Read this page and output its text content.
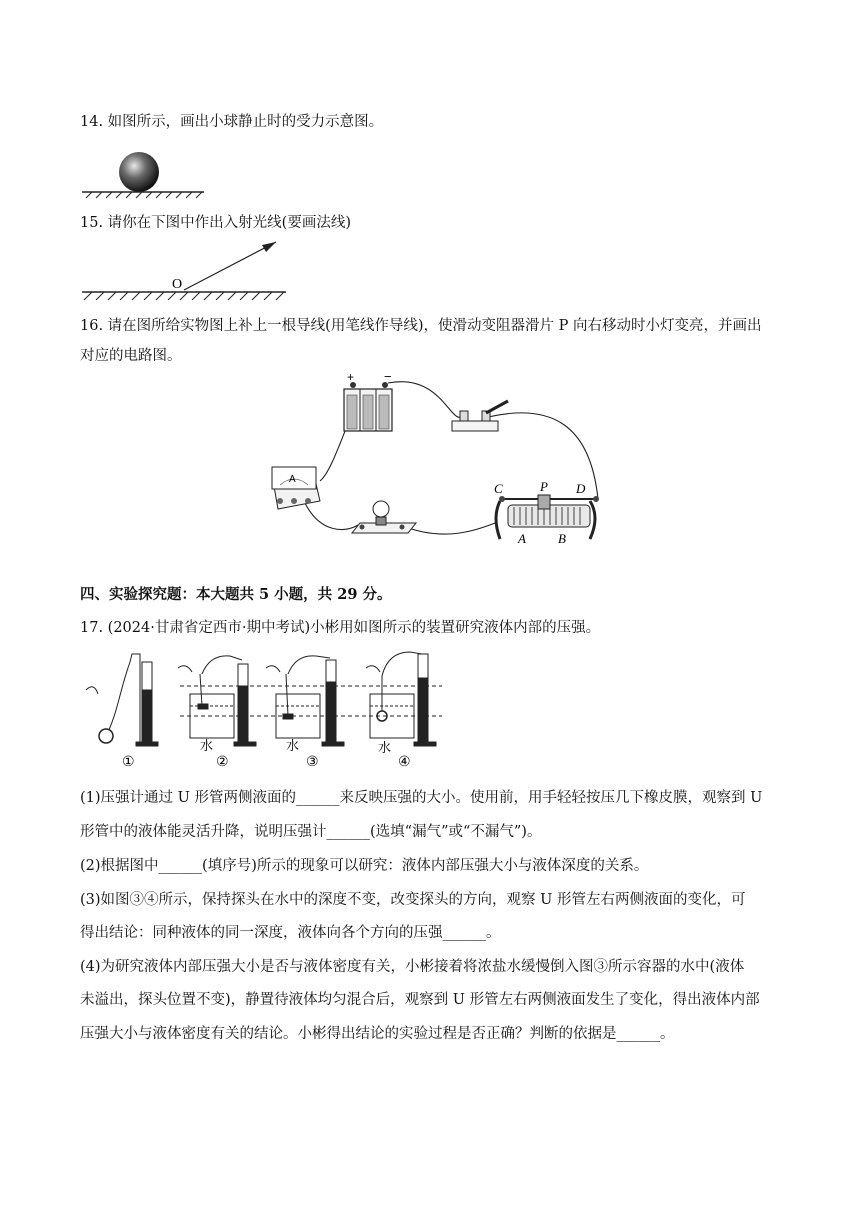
14. 如图所示，画出小球静止时的受力示意图。
15. 请你在下图中作出入射光线(要画法线)
O
16. 请在图所给实物图上补上一根导线(用笔线作导线)，使滑动变阻器滑片 P 向右移动时小灯变亮，并画出
对应的电路图。
+ −
A
C	P D
A B
四、实验探究题：本大题共 5 小题，共 29 分。
17. (2024·甘肃省定西市·期中考试)小彬用如图所示的装置研究液体内部的压强。
水	水	水
①	②	③	④
(1)压强计通过 U 形管两侧液面的______来反映压强的大小。使用前，用手轻轻按压几下橡皮膜，观察到 U
形管中的液体能灵活升降，说明压强计______(选填“漏气”或“不漏气”)。
(2)根据图中______(填序号)所示的现象可以研究：液体内部压强大小与液体深度的关系。
(3)如图③④所示，保持探头在水中的深度不变，改变探头的方向，观察 U 形管左右两侧液面的变化，可
得出结论：同种液体的同一深度，液体向各个方向的压强______。
(4)为研究液体内部压强大小是否与液体密度有关，小彬接着将浓盐水缓慢倒入图③所示容器的水中(液体
未溢出，探头位置不变)，静置待液体均匀混合后，观察到 U 形管左右两侧液面发生了变化，得出液体内部
压强大小与液体密度有关的结论。小彬得出结论的实验过程是否正确？判断的依据是______。
